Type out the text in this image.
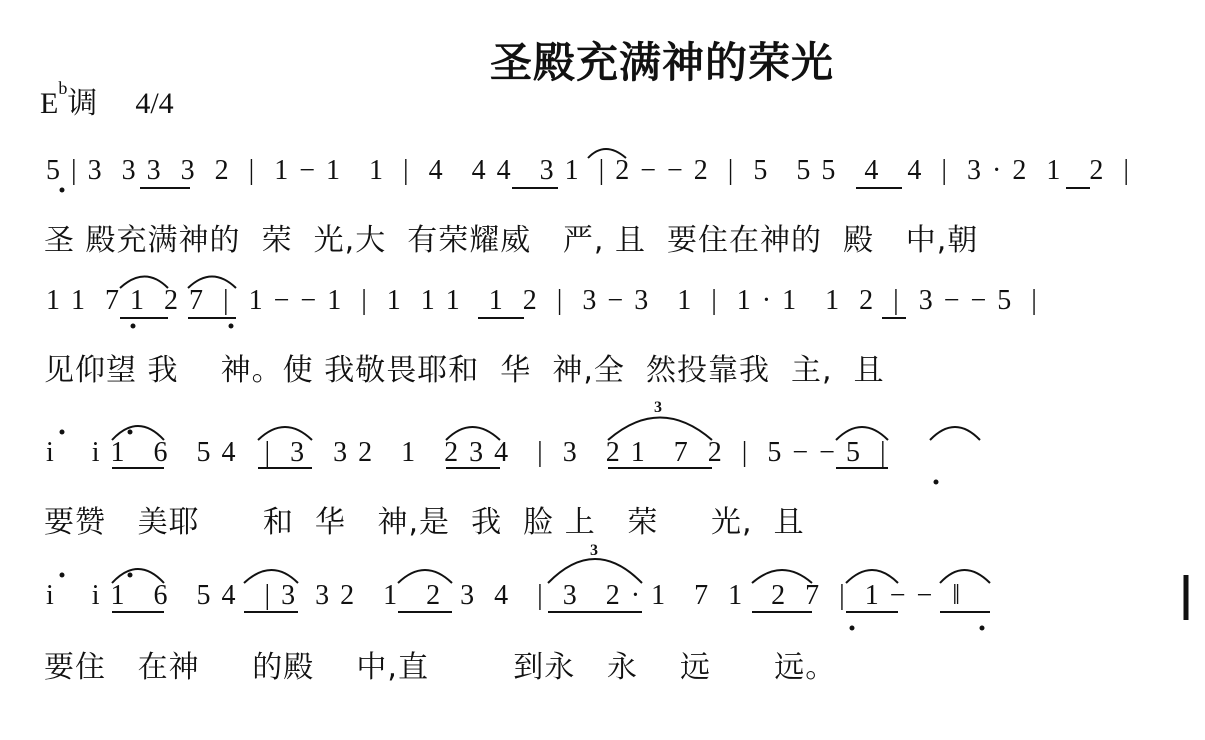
圣殿充满神的荣光
$E^b$调 4/4
5 | 3  3 3  3  2  |  1 − 1   1  |  4   4 4   3 1  | 2 − − 2  |  5   5 5   4   4  |  3 · 2  1   2  |
圣 殿充满神的  荣  光,大  有荣耀威   严, 且  要住在神的  殿   中,朝
1 1  7 1  2 7  |  1 − − 1  |  1  1 1   1  2  |  3 − 3   1  |  1 · 1   1  2  |  3 − − 5  |
见仰望 我    神。使 我敬畏耶和  华  神,全  然投靠我  主,  且
i    i 1   6   5 4   |  3   3 2   1   2 3 4   |  3   2 1   7  2  |  5 − − 5  |
要赞   美耶      和  华   神,是  我  脸 上   荣     光,  且
i    i 1   6   5 4   | 3  3 2   1   2  3  4   |  3   2 · 1   7  1   2  7  |  1 − −  ‖
要住   在神     的殿    中,直        到永   永    远      远。
3
3
